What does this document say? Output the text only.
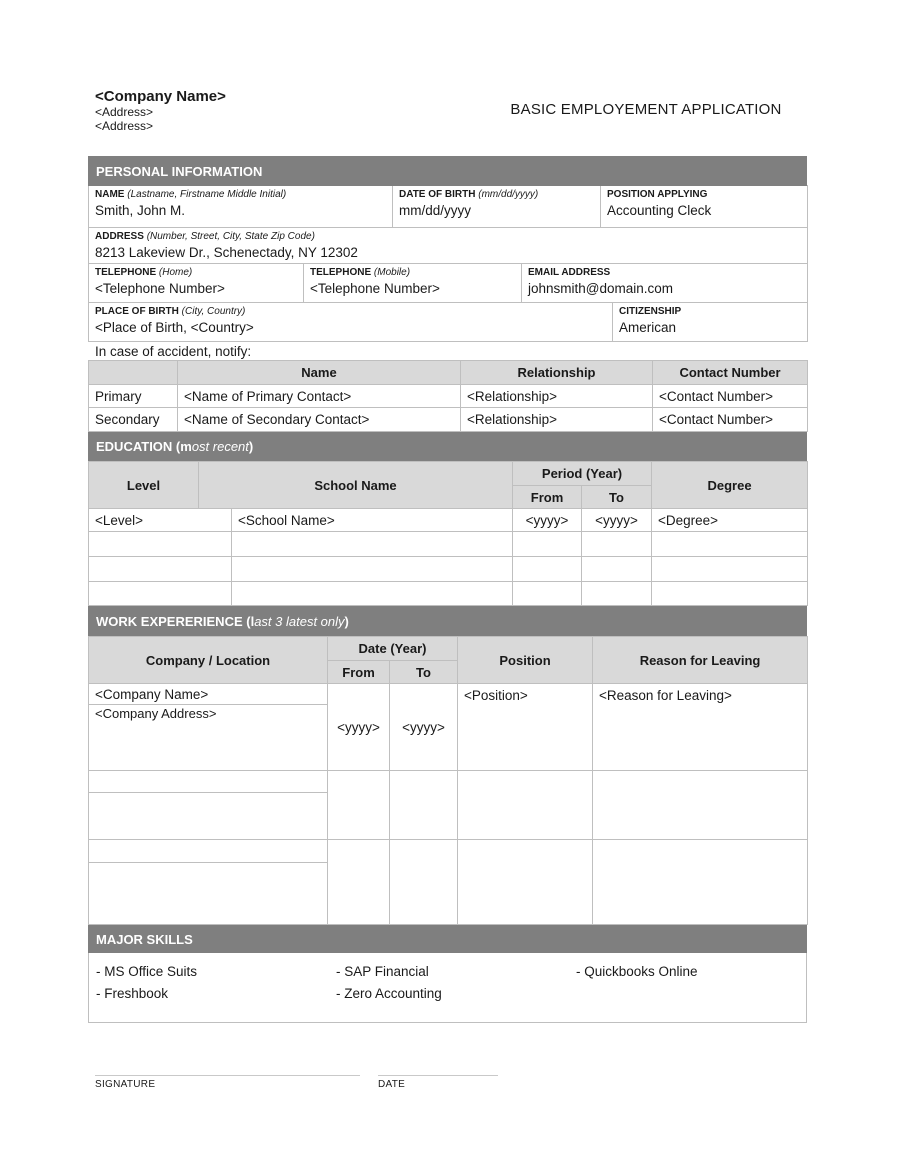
<Company Name>
<Address>
<Address>
BASIC EMPLOYEMENT APPLICATION
PERSONAL INFORMATION
NAME (Lastname, Firstname Middle Initial)
Smith, John M.

DATE OF BIRTH (mm/dd/yyyy)
mm/dd/yyyy

POSITION APPLYING
Accounting Cleck
ADDRESS (Number, Street, City, State Zip Code)
8213 Lakeview Dr., Schenectady, NY 12302
TELEPHONE (Home)
<Telephone Number>

TELEPHONE (Mobile)
<Telephone Number>

EMAIL ADDRESS
johnsmith@domain.com
PLACE OF BIRTH (City, Country)
<Place of Birth, <Country>

CITIZENSHIP
American
In case of accident, notify:
	Name	Relationship	Contact Number
Primary	<Name of Primary Contact>	<Relationship>	<Contact Number>
Secondary	<Name of Secondary Contact>	<Relationship>	<Contact Number>
EDUCATION (most recent)
Level	School Name	Period (Year)		Degree
		From	To	
<Level>	<School Name>	<yyyy>	<yyyy>	<Degree>

WORK EXPERERIENCE (last 3 latest only)
Company / Location	Date (Year)		Position	Reason for Leaving
	From	To		
<Company Name>	<yyyy>	<yyyy>	<Position>	<Reason for Leaving>
<Company Address>				

MAJOR SKILLS
- MS Office Suits
- Freshbook
- SAP Financial
- Zero Accounting
- Quickbooks Online
SIGNATURE	DATE
